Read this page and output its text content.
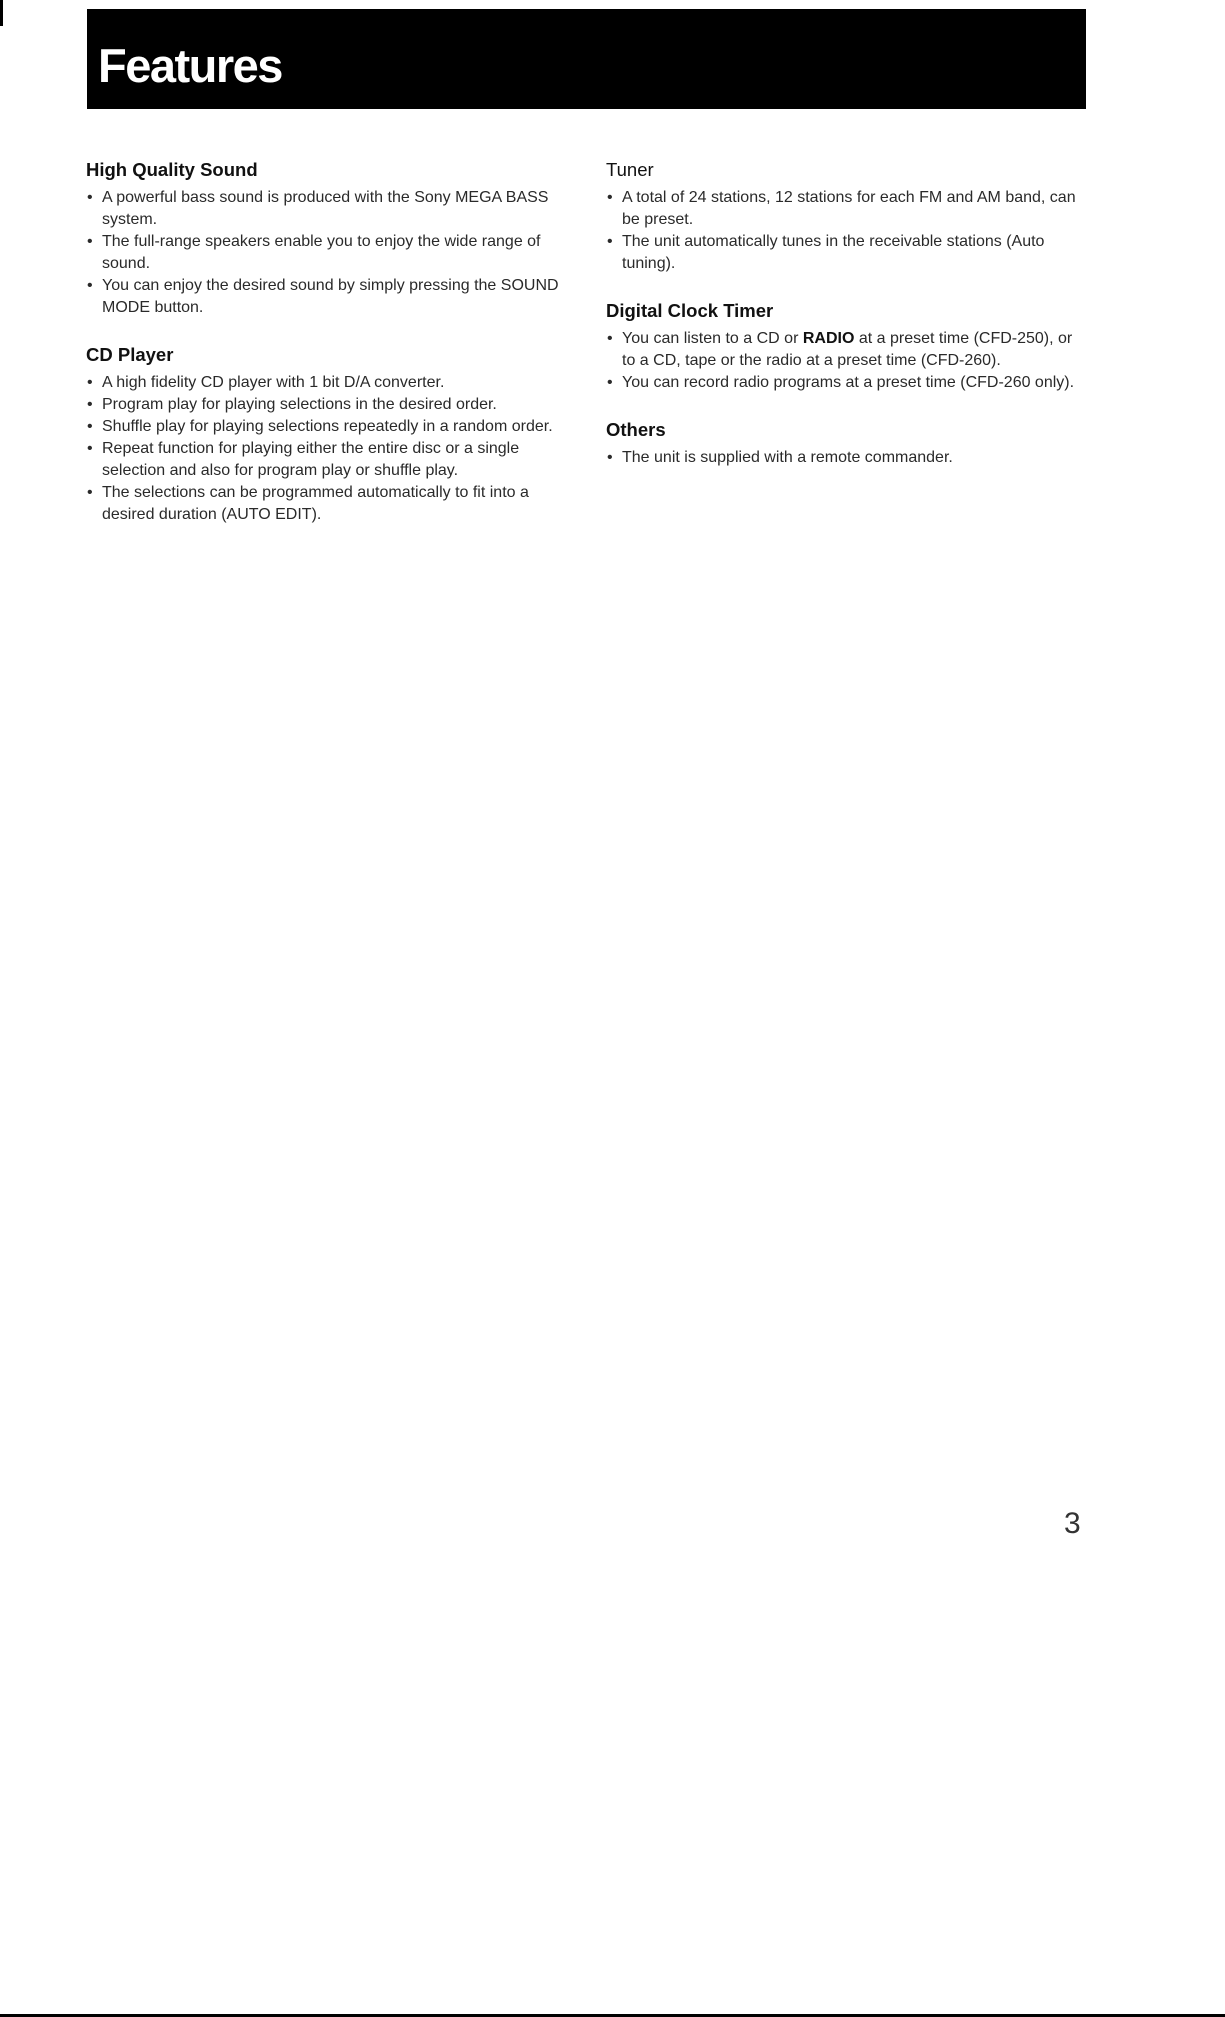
Features
High Quality Sound
• A powerful bass sound is produced with the Sony MEGA BASS system.
• The full-range speakers enable you to enjoy the wide range of sound.
• You can enjoy the desired sound by simply pressing the SOUND MODE button.
CD Player
• A high fidelity CD player with 1 bit D/A converter.
• Program play for playing selections in the desired order.
• Shuffle play for playing selections repeatedly in a random order.
• Repeat function for playing either the entire disc or a single selection and also for program play or shuffle play.
• The selections can be programmed automatically to fit into a desired duration (AUTO EDIT).
Tuner
• A total of 24 stations, 12 stations for each FM and AM band, can be preset.
• The unit automatically tunes in the receivable stations (Auto tuning).
Digital Clock Timer
• You can listen to a CD or RADIO at a preset time (CFD-250), or to a CD, tape or the radio at a preset time (CFD-260).
• You can record radio programs at a preset time (CFD-260 only).
Others
• The unit is supplied with a remote commander.
3
